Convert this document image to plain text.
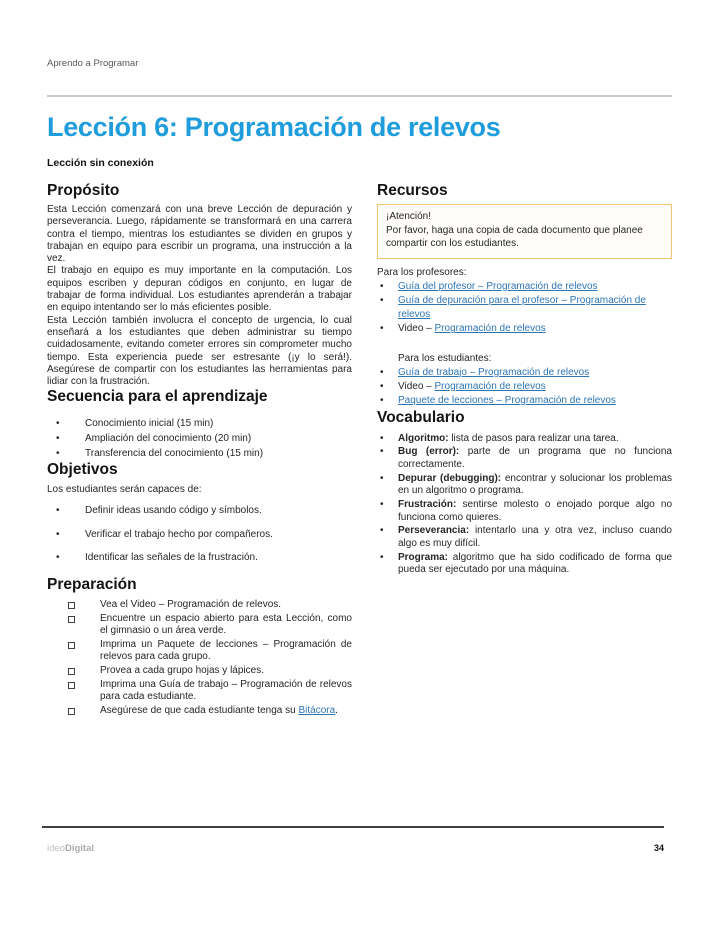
Aprendo a Programar
Lección 6: Programación de relevos
Lección sin conexión
Propósito

Esta Lección comenzará con una breve Lección de depuración y perseverancia. Luego, rápidamente se transformará en una carrera contra el tiempo, mientras los estudiantes se dividen en grupos y trabajan en equipo para escribir un programa, una instrucción a la vez.

El trabajo en equipo es muy importante en la computación. Los equipos escriben y depuran códigos en conjunto, en lugar de trabajar de forma individual. Los estudiantes aprenderán a trabajar en equipo intentando ser lo más eficientes posible.

Esta Lección también involucra el concepto de urgencia, lo cual enseñará a los estudiantes que deben administrar su tiempo cuidadosamente, evitando cometer errores sin comprometer mucho tiempo. Esta experiencia puede ser estresante (¡y lo será!). Asegúrese de compartir con los estudiantes las herramientas para lidiar con la frustración.

Secuencia para el aprendizaje
• Conocimiento inicial (15 min)
• Ampliación del conocimiento (20 min)
• Transferencia del conocimiento (15 min)
Objetivos

Los estudiantes serán capaces de:

• Definir ideas usando código y símbolos.
• Verificar el trabajo hecho por compañeros.
• Identificar las señales de la frustración.
Preparación
Vea el Video – Programación de relevos.
Encuentre un espacio abierto para esta Lección, como el gimnasio o un área verde.
Imprima un Paquete de lecciones – Programación de relevos para cada grupo.
Provea a cada grupo hojas y lápices.
Imprima una Guía de trabajo – Programación de relevos para cada estudiante.
Asegúrese de que cada estudiante tenga su Bitácora.
Recursos
¡Atención!
Por favor, haga una copia de cada documento que planee compartir con los estudiantes.
Para los profesores:
• Guía del profesor – Programación de relevos
• Guía de depuración para el profesor – Programación de relevos
• Video – Programación de relevos
Para los estudiantes:
• Guía de trabajo – Programación de relevos
• Video – Programación de relevos
• Paquete de lecciones – Programación de relevos
Vocabulario
• Algoritmo: lista de pasos para realizar una tarea.
• Bug (error): parte de un programa que no funciona correctamente.
• Depurar (debugging): encontrar y solucionar los problemas en un algoritmo o programa.
• Frustración: sentirse molesto o enojado porque algo no funciona como quieres.
• Perseverancia: intentarlo una y otra vez, incluso cuando algo es muy difícil.
• Programa: algoritmo que ha sido codificado de forma que pueda ser ejecutado por una máquina.
ideoDigital	34
